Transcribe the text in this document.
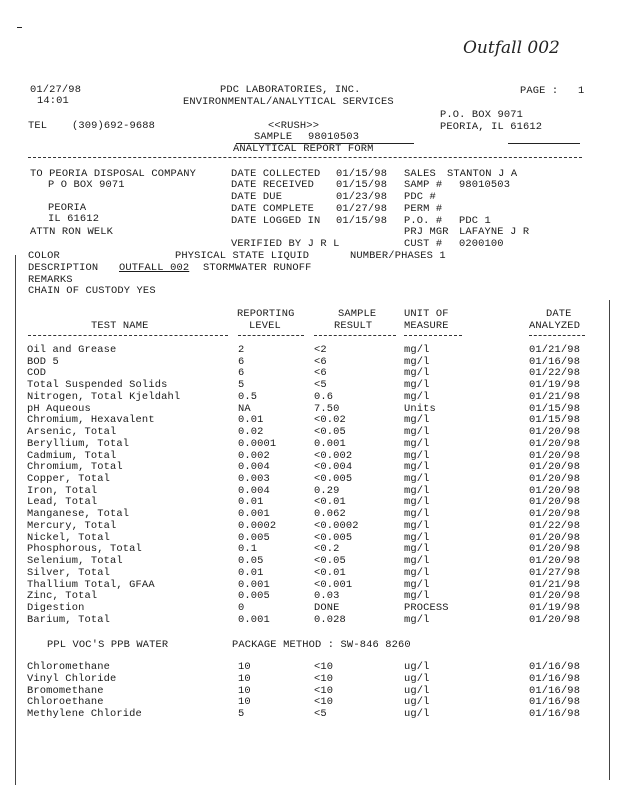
Outfall 002
01/27/98
14:01
PDC LABORATORIES, INC.
ENVIRONMENTAL/ANALYTICAL SERVICES
PAGE : 1
P.O. BOX 9071
TEL (309)692-9688	<<RUSH>>	PEORIA, IL 61612
SAMPLE 98010503
ANALYTICAL REPORT FORM
TO PEORIA DISPOSAL COMPANY
P O BOX 9071
PEORIA
IL 61612
ATTN RON WELK
DATE COLLECTED 01/15/98
DATE RECEIVED 01/15/98
DATE DUE	01/23/98
DATE COMPLETE 01/27/98
DATE LOGGED IN 01/15/98
SALES STANTON J A
SAMP # 98010503
PDC #
PERM #
P.O. # PDC 1
PRJ MGR LAFAYNE J R
CUST # 0200100
VERIFIED BY J R L
COLOR	PHYSICAL STATE LIQUID	NUMBER/PHASES 1
DESCRIPTION OUTFALL 002 STORMWATER RUNOFF
REMARKS
CHAIN OF CUSTODY YES
REPORTING	SAMPLE	UNIT OF	DATE
TEST NAME	LEVEL	RESULT	MEASURE	ANALYZED
Oil and Grease	2	<2	mg/l	01/21/98
BOD 5	6	<6	mg/l	01/16/98
COD	6	<6	mg/l	01/22/98
Total Suspended Solids	5	<5	mg/l	01/19/98
Nitrogen, Total Kjeldahl	0.5	0.6	mg/l	01/21/98
pH Aqueous	NA	7.50	Units	01/15/98
Chromium, Hexavalent	0.01	<0.02	mg/l	01/15/98
Arsenic, Total	0.02	<0.05	mg/l	01/20/98
Beryllium, Total	0.0001	0.001	mg/l	01/20/98
Cadmium, Total	0.002	<0.002	mg/l	01/20/98
Chromium, Total	0.004	<0.004	mg/l	01/20/98
Copper, Total	0.003	<0.005	mg/l	01/20/98
Iron, Total	0.004	0.29	mg/l	01/20/98
Lead, Total	0.01	<0.01	mg/l	01/20/98
Manganese, Total	0.001	0.062	mg/l	01/20/98
Mercury, Total	0.0002	<0.0002	mg/l	01/22/98
Nickel, Total	0.005	<0.005	mg/l	01/20/98
Phosphorous, Total	0.1	<0.2	mg/l	01/20/98
Selenium, Total	0.05	<0.05	mg/l	01/20/98
Silver, Total	0.01	<0.01	mg/l	01/27/98
Thallium Total, GFAA	0.001	<0.001	mg/l	01/21/98
Zinc, Total	0.005	0.03	mg/l	01/20/98
Digestion	0	DONE	PROCESS	01/19/98
Barium, Total	0.001	0.028	mg/l	01/20/98
PPL VOC'S PPB WATER	PACKAGE METHOD : SW-846 8260
Chloromethane	10	<10	ug/l	01/16/98
Vinyl Chloride	10	<10	ug/l	01/16/98
Bromomethane	10	<10	ug/l	01/16/98
Chloroethane	10	<10	ug/l	01/16/98
Methylene Chloride	5	<5	ug/l	01/16/98
